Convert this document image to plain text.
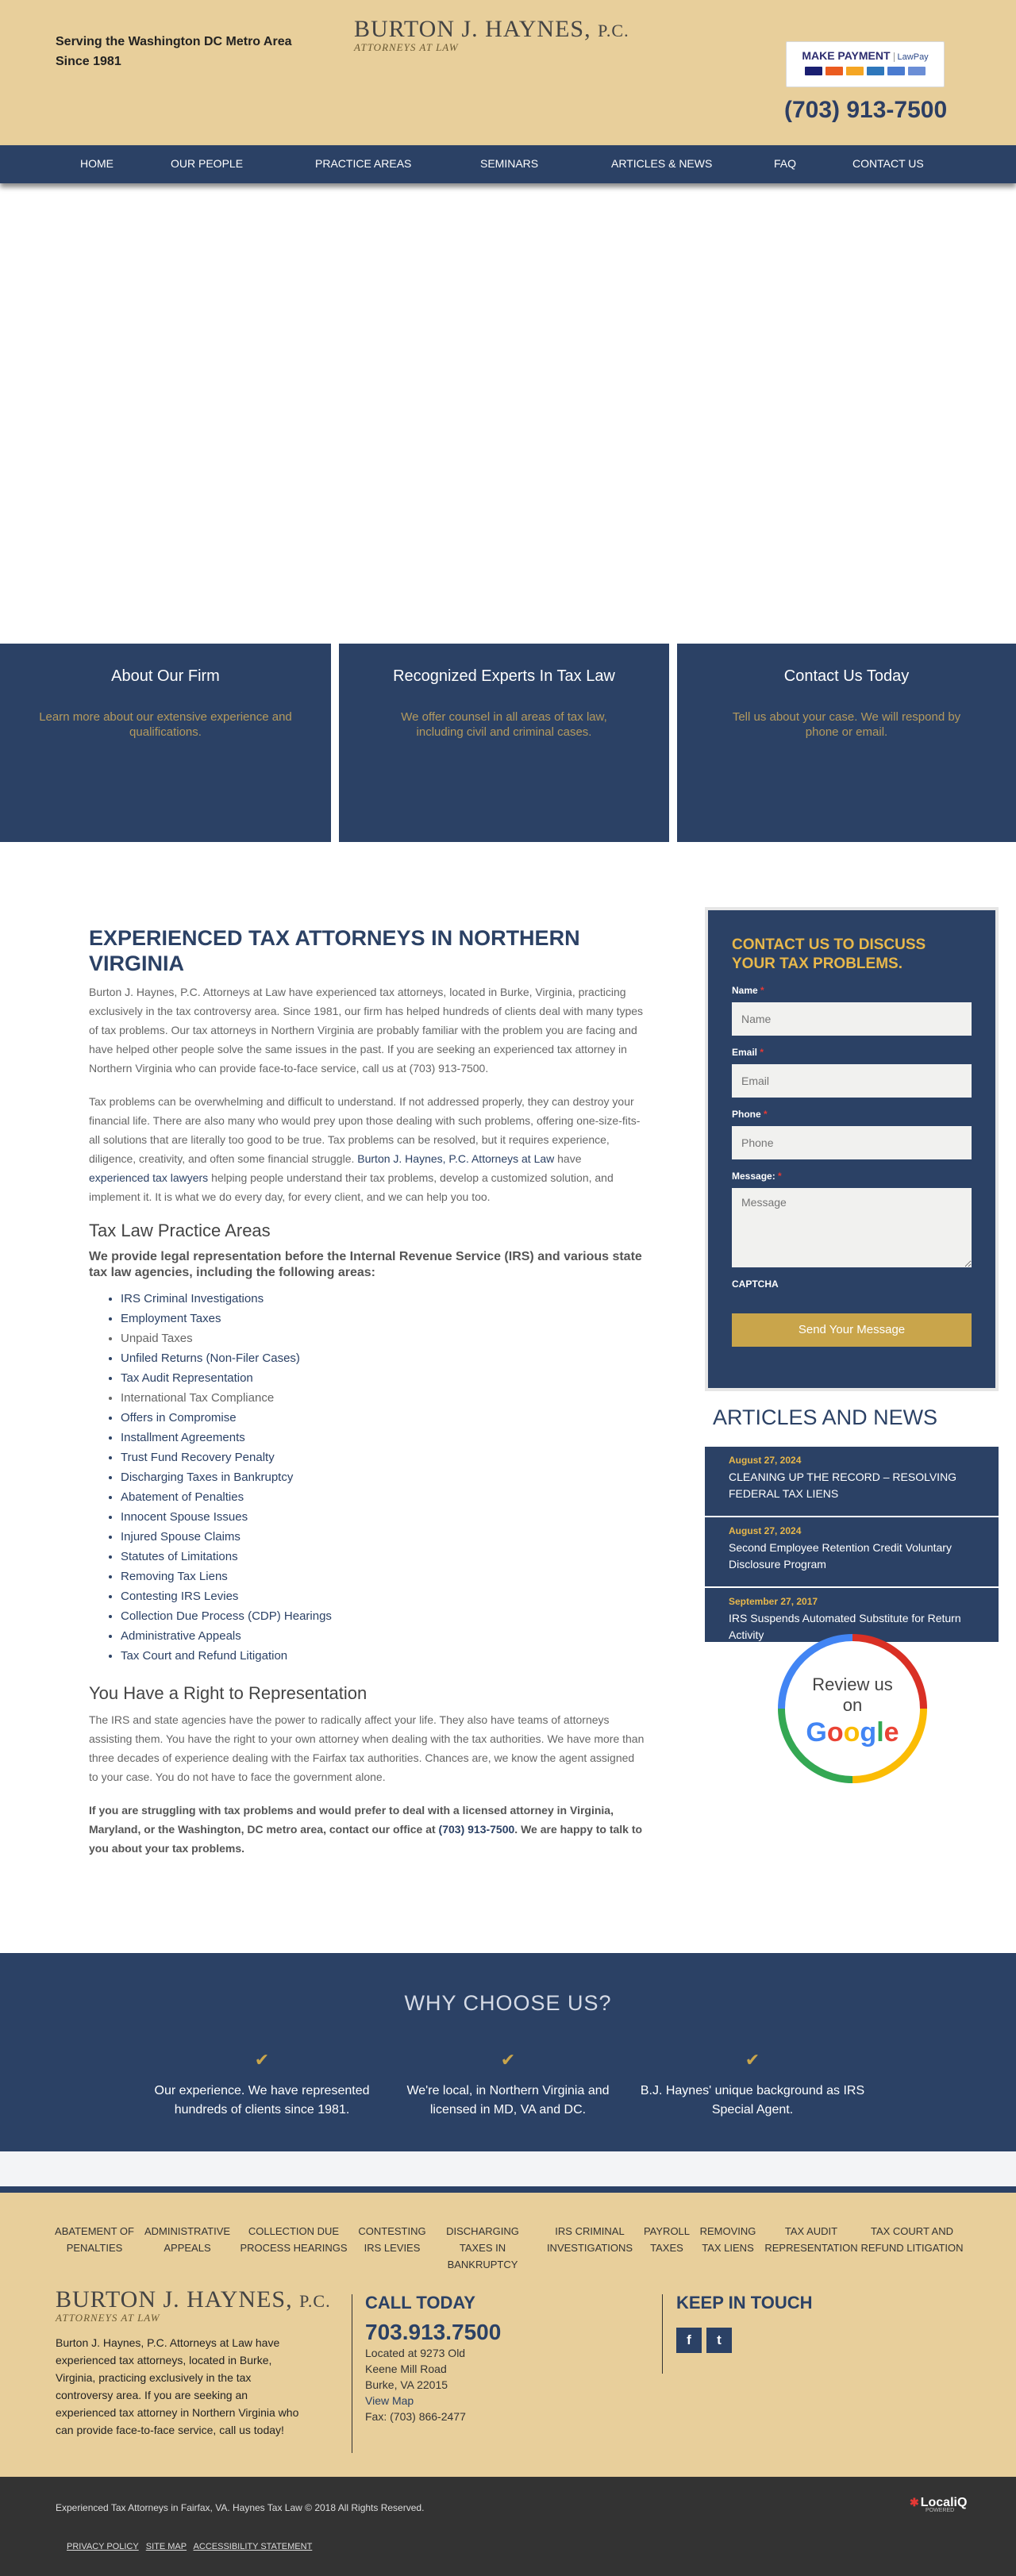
Serving the Washington DC Metro Area Since 1981
BURTON J. HAYNES, P.C.
ATTORNEYS AT LAW
MAKE PAYMENT LawPay

(703) 913-7500
HOME	OUR PEOPLE	PRACTICE AREAS	SEMINARS	ARTICLES & NEWS	FAQ	CONTACT US
About Our Firm

Learn more about our extensive experience and qualifications.

Recognized Experts In Tax Law

We offer counsel in all areas of tax law, including civil and criminal cases.

Contact Us Today

Tell us about your case. We will respond by phone or email.

EXPERIENCED TAX ATTORNEYS IN NORTHERN VIRGINIA

Burton J. Haynes, P.C. Attorneys at Law have experienced tax attorneys, located in Burke, Virginia, practicing exclusively in the tax controversy area. Since 1981, our firm has helped hundreds of clients deal with many types of tax problems. Our tax attorneys in Northern Virginia are probably familiar with the problem you are facing and have helped other people solve the same issues in the past. If you are seeking an experienced tax attorney in Northern Virginia who can provide face-to-face service, call us at (703) 913-7500.

Tax problems can be overwhelming and difficult to understand. If not addressed properly, they can destroy your financial life. There are also many who would prey upon those dealing with such problems, offering one-size-fits-all solutions that are literally too good to be true. Tax problems can be resolved, but it requires experience, diligence, creativity, and often some financial struggle. Burton J. Haynes, P.C. Attorneys at Law have experienced tax lawyers helping people understand their tax problems, develop a customized solution, and implement it. It is what we do every day, for every client, and we can help you too.

Tax Law Practice Areas
We provide legal representation before the Internal Revenue Service (IRS) and various state tax law agencies, including the following areas:
• IRS Criminal Investigations
• Employment Taxes
• Unpaid Taxes
• Unfiled Returns (Non-Filer Cases)
• Tax Audit Representation
• International Tax Compliance
• Offers in Compromise
• Installment Agreements
• Trust Fund Recovery Penalty
• Discharging Taxes in Bankruptcy
• Abatement of Penalties
• Innocent Spouse Issues
• Injured Spouse Claims
• Statutes of Limitations
• Removing Tax Liens
• Contesting IRS Levies
• Collection Due Process (CDP) Hearings
• Administrative Appeals
• Tax Court and Refund Litigation
You Have a Right to Representation

The IRS and state agencies have the power to radically affect your life. They also have teams of attorneys assisting them. You have the right to your own attorney when dealing with the tax authorities. We have more than three decades of experience dealing with the Fairfax tax authorities. Chances are, we know the agent assigned to your case. You do not have to face the government alone.

If you are struggling with tax problems and would prefer to deal with a licensed attorney in Virginia, Maryland, or the Washington, DC metro area, contact our office at (703) 913-7500. We are happy to talk to you about your tax problems.

CONTACT US TO DISCUSS YOUR TAX PROBLEMS.
Name *
Name
Email *
Email
Phone *
Phone
Message: *
Message
CAPTCHA
Send Your Message
ARTICLES AND NEWS
August 27, 2024
CLEANING UP THE RECORD – RESOLVING FEDERAL TAX LIENS
August 27, 2024
Second Employee Retention Credit Voluntary Disclosure Program
September 27, 2017
IRS Suspends Automated Substitute for Return Activity
Review us
on
Google
WHY CHOOSE US?
✔
Our experience. We have represented hundreds of clients since 1981.
✔
We're local, in Northern Virginia and licensed in MD, VA and DC.
✔
B.J. Haynes' unique background as IRS Special Agent.
ABATEMENT OF PENALTIES
ADMINISTRATIVE APPEALS
COLLECTION DUE PROCESS HEARINGS
CONTESTING IRS LEVIES
DISCHARGING TAXES IN BANKRUPTCY
IRS CRIMINAL INVESTIGATIONS
PAYROLL TAXES
REMOVING TAX LIENS
TAX AUDIT REPRESENTATION
TAX COURT AND REFUND LITIGATION
BURTON J. HAYNES, P.C.
ATTORNEYS AT LAW
Burton J. Haynes, P.C. Attorneys at Law have experienced tax attorneys, located in Burke, Virginia, practicing exclusively in the tax controversy area. If you are seeking an experienced tax attorney in Northern Virginia who can provide face-to-face service, call us today!
CALL TODAY
703.913.7500

Located at 9273 Old

Keene Mill Road

Burke, VA 22015

View Map

Fax: (703) 866-2477

KEEP IN TOUCH
f t
Experienced Tax Attorneys in Fairfax, VA. Haynes Tax Law © 2018 All Rights Reserved.	✱ LocaliQ
POWERED
PRIVACY POLICY SITE MAP ACCESSIBILITY STATEMENT
